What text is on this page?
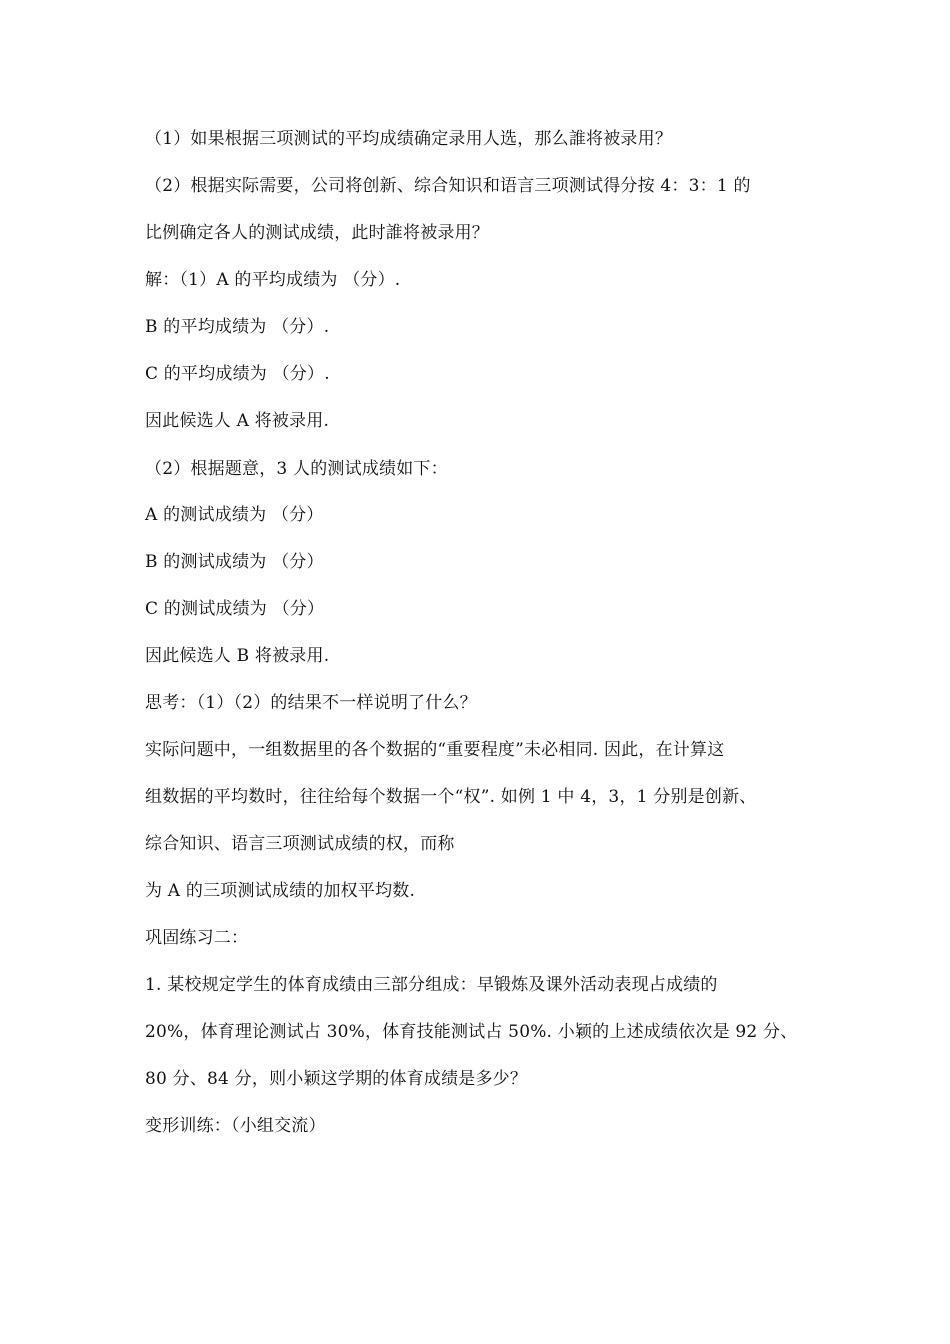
（1）如果根据三项测试的平均成绩确定录用人选，那么誰将被录用？
（2）根据实际需要，公司将创新、综合知识和语言三项测试得分按 4：3：1 的
比例确定各人的测试成绩，此时誰将被录用？
解：（1）A 的平均成绩为 （分）.
B 的平均成绩为 （分）.
C 的平均成绩为 （分）.
因此候选人 A 将被录用.
（2）根据题意，3 人的测试成绩如下：
A 的测试成绩为 （分）
B 的测试成绩为 （分）
C 的测试成绩为 （分）
因此候选人 B 将被录用.
思考：（1）（2）的结果不一样说明了什么？
实际问题中，一组数据里的各个数据的“重要程度”未必相同. 因此，在计算这
组数据的平均数时，往往给每个数据一个“权”. 如例 1 中 4，3，1 分别是创新、
综合知识、语言三项测试成绩的权，而称
为 A 的三项测试成绩的加权平均数.
巩固练习二：
1. 某校规定学生的体育成绩由三部分组成：早锻炼及课外活动表现占成绩的
20%，体育理论测试占 30%，体育技能测试占 50%. 小颖的上述成绩依次是 92 分、
80 分、84 分，则小颖这学期的体育成绩是多少？
变形训练：（小组交流）
